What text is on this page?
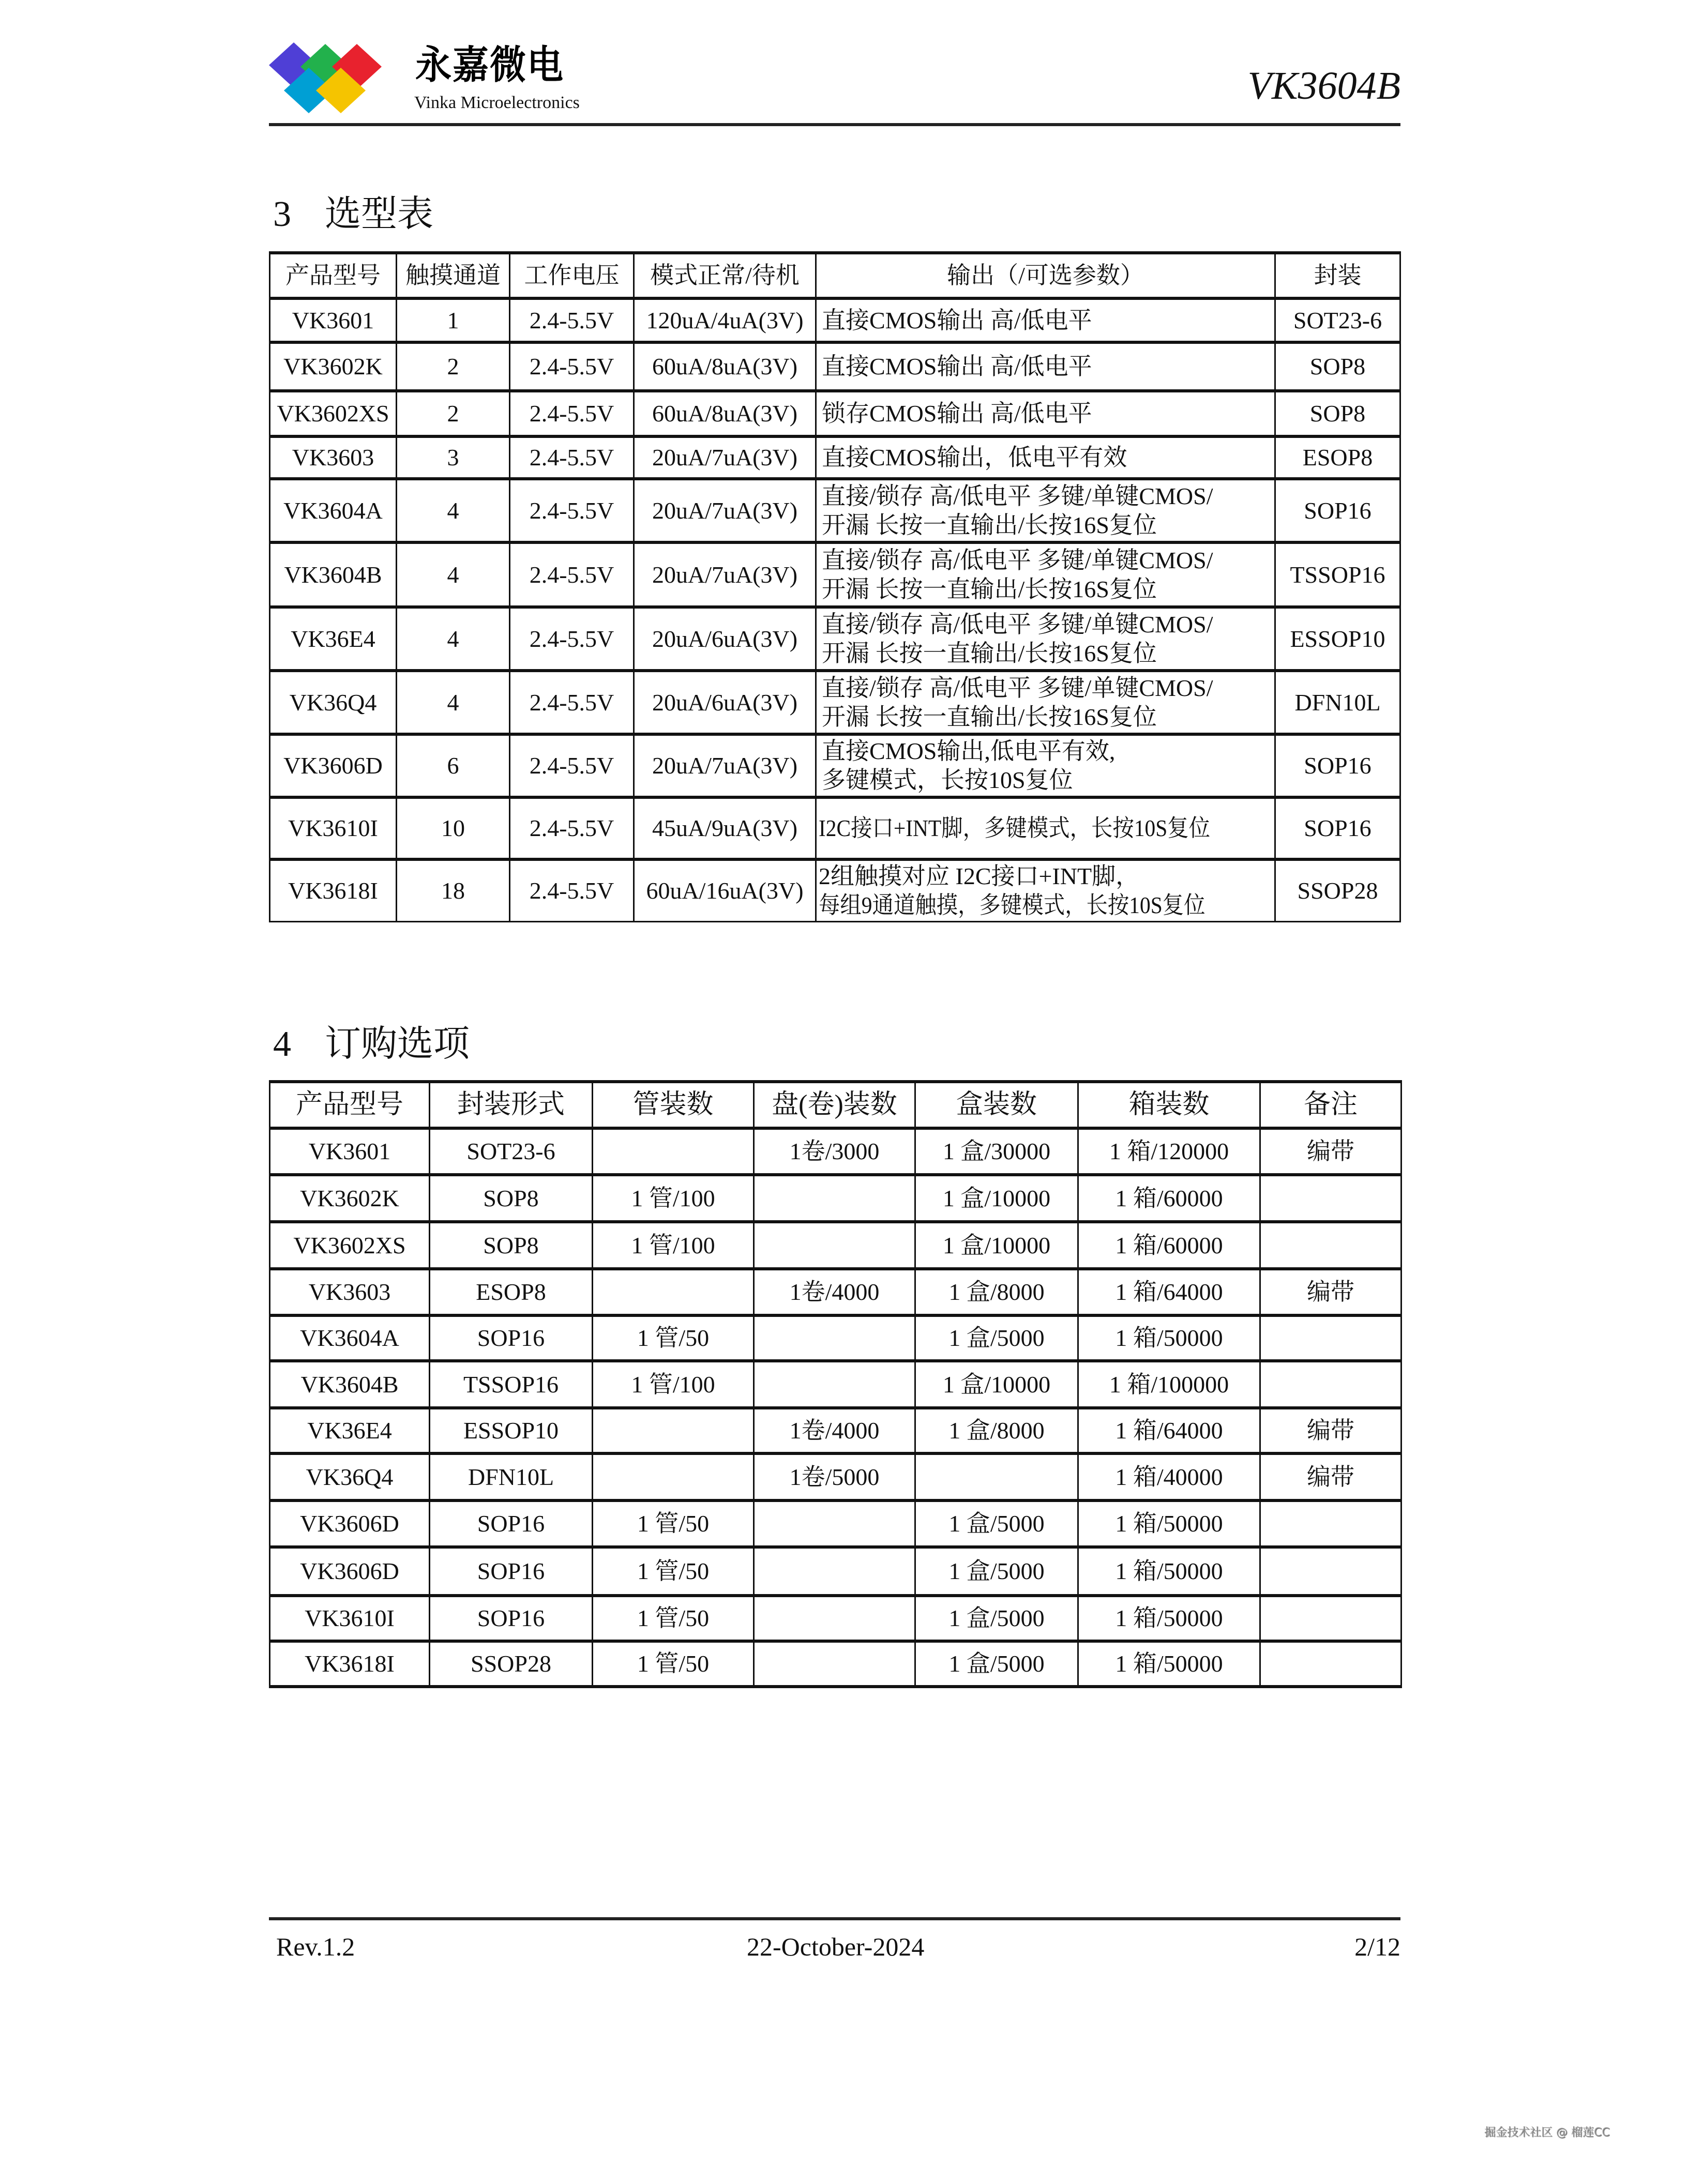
永嘉微电
Vinka Microelectronics	VK3604B
3 选型表
产品型号	触摸通道	工作电压	模式正常/待机	输出（/可选参数）	封装
VK3601	1	2.4-5.5V	120uA/4uA(3V)	直接CMOS输出 高/低电平	SOT23-6
VK3602K	2	2.4-5.5V	60uA/8uA(3V)	直接CMOS输出 高/低电平	SOP8
VK3602XS	2	2.4-5.5V	60uA/8uA(3V)	锁存CMOS输出 高/低电平	SOP8
VK3603	3	2.4-5.5V	20uA/7uA(3V)	直接CMOS输出，低电平有效	ESOP8
VK3604A	4	2.4-5.5V	20uA/7uA(3V)	直接/锁存 高/低电平 多键/单键CMOS/
开漏 长按一直输出/长按16S复位	SOP16
VK3604B	4	2.4-5.5V	20uA/7uA(3V)	直接/锁存 高/低电平 多键/单键CMOS/
开漏 长按一直输出/长按16S复位	TSSOP16
VK36E4	4	2.4-5.5V	20uA/6uA(3V)	直接/锁存 高/低电平 多键/单键CMOS/
开漏 长按一直输出/长按16S复位	ESSOP10
VK36Q4	4	2.4-5.5V	20uA/6uA(3V)	直接/锁存 高/低电平 多键/单键CMOS/
开漏 长按一直输出/长按16S复位	DFN10L
VK3606D	6	2.4-5.5V	20uA/7uA(3V)	直接CMOS输出,低电平有效,
多键模式，长按10S复位	SOP16
VK3610I	10	2.4-5.5V	45uA/9uA(3V)	I2C接口+INT脚，多键模式，长按10S复位	SOP16
VK3618I	18	2.4-5.5V	60uA/16uA(3V)	2组触摸对应 I2C接口+INT脚，
每组9通道触摸，多键模式，长按10S复位	SSOP28
4 订购选项
产品型号	封装形式	管装数	盘(卷)装数	盒装数	箱装数	备注
VK3601	SOT23-6		1卷/3000	1 盒/30000	1 箱/120000	编带
VK3602K	SOP8	1 管/100		1 盒/10000	1 箱/60000	
VK3602XS	SOP8	1 管/100		1 盒/10000	1 箱/60000	
VK3603	ESOP8		1卷/4000	1 盒/8000	1 箱/64000	编带
VK3604A	SOP16	1 管/50		1 盒/5000	1 箱/50000	
VK3604B	TSSOP16	1 管/100		1 盒/10000	1 箱/100000	
VK36E4	ESSOP10		1卷/4000	1 盒/8000	1 箱/64000	编带
VK36Q4	DFN10L		1卷/5000		1 箱/40000	编带
VK3606D	SOP16	1 管/50		1 盒/5000	1 箱/50000	
VK3606D	SOP16	1 管/50		1 盒/5000	1 箱/50000	
VK3610I	SOP16	1 管/50		1 盒/5000	1 箱/50000	
VK3618I	SSOP28	1 管/50		1 盒/5000	1 箱/50000	
Rev.1.2	22-October-2024	2/12
掘金技术社区 @ 榴莲CC
